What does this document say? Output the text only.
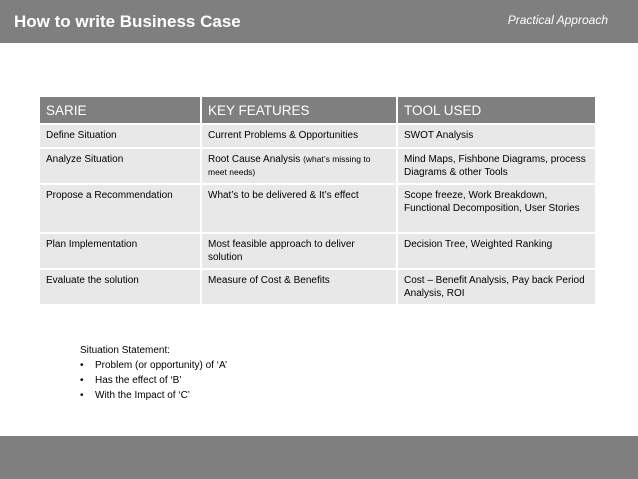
How to write Business Case	Practical Approach
SARIE	KEY FEATURES	TOOL USED
Define Situation	Current Problems & Opportunities	SWOT Analysis
Analyze Situation	Root Cause Analysis (what’s missing to meet needs)	Mind Maps, Fishbone Diagrams, process Diagrams & other Tools
Propose a Recommendation	What’s to be delivered & It’s effect	Scope freeze, Work Breakdown, Functional Decomposition, User Stories
Plan Implementation	Most feasible approach to deliver solution	Decision Tree, Weighted Ranking
Evaluate the solution	Measure of Cost & Benefits	Cost – Benefit Analysis, Pay back Period Analysis, ROI
Situation Statement:
• Problem (or opportunity) of ‘A’
• Has the effect of ‘B’
• With the Impact of ‘C’
